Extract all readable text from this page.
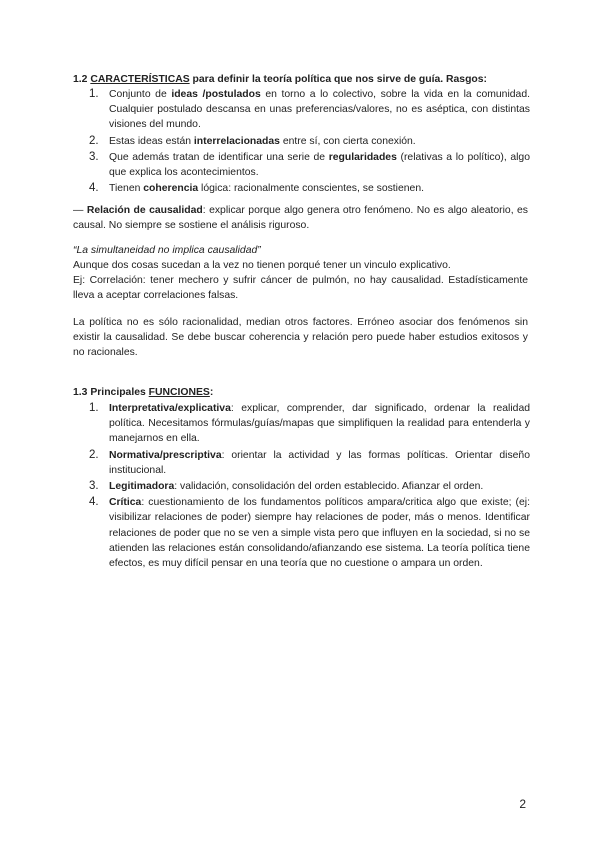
1.2 CARACTERÍSTICAS para definir la teoría política que nos sirve de guía. Rasgos:
1. Conjunto de ideas /postulados en torno a lo colectivo, sobre la vida en la comunidad. Cualquier postulado descansa en unas preferencias/valores, no es aséptica, con distintas visiones del mundo.
2. Estas ideas están interrelacionadas entre sí, con cierta conexión.
3. Que además tratan de identificar una serie de regularidades (relativas a lo político), algo que explica los acontecimientos.
4. Tienen coherencia lógica: racionalmente conscientes, se sostienen.

— Relación de causalidad: explicar porque algo genera otro fenómeno. No es algo aleatorio, es causal. No siempre se sostiene el análisis riguroso.

“La simultaneidad no implica causalidad”

Aunque dos cosas sucedan a la vez no tienen porqué tener un vinculo explicativo.

Ej: Correlación: tener mechero y sufrir cáncer de pulmón, no hay causalidad. Estadísticamente lleva a aceptar correlaciones falsas.

La política no es sólo racionalidad, median otros factores. Erróneo asociar dos fenómenos sin existir la causalidad. Se debe buscar coherencia y relación pero puede haber estudios exitosos y no racionales.

1.3 Principales FUNCIONES:
1. Interpretativa/explicativa: explicar, comprender, dar significado, ordenar la realidad política. Necesitamos fórmulas/guías/mapas que simplifiquen la realidad para entenderla y manejarnos en ella.
2. Normativa/prescriptiva: orientar la actividad y las formas políticas. Orientar diseño institucional.
3. Legitimadora: validación, consolidación del orden establecido. Afianzar el orden.
4. Crítica: cuestionamiento de los fundamentos políticos ampara/critica algo que existe; (ej: visibilizar relaciones de poder) siempre hay relaciones de poder, más o menos. Identificar relaciones de poder que no se ven a simple vista pero que influyen en la sociedad, si no se atienden las relaciones están consolidando/afianzando ese sistema. La teoría política tiene efectos, es muy difícil pensar en una teoría que no cuestione o ampara un orden.
2
